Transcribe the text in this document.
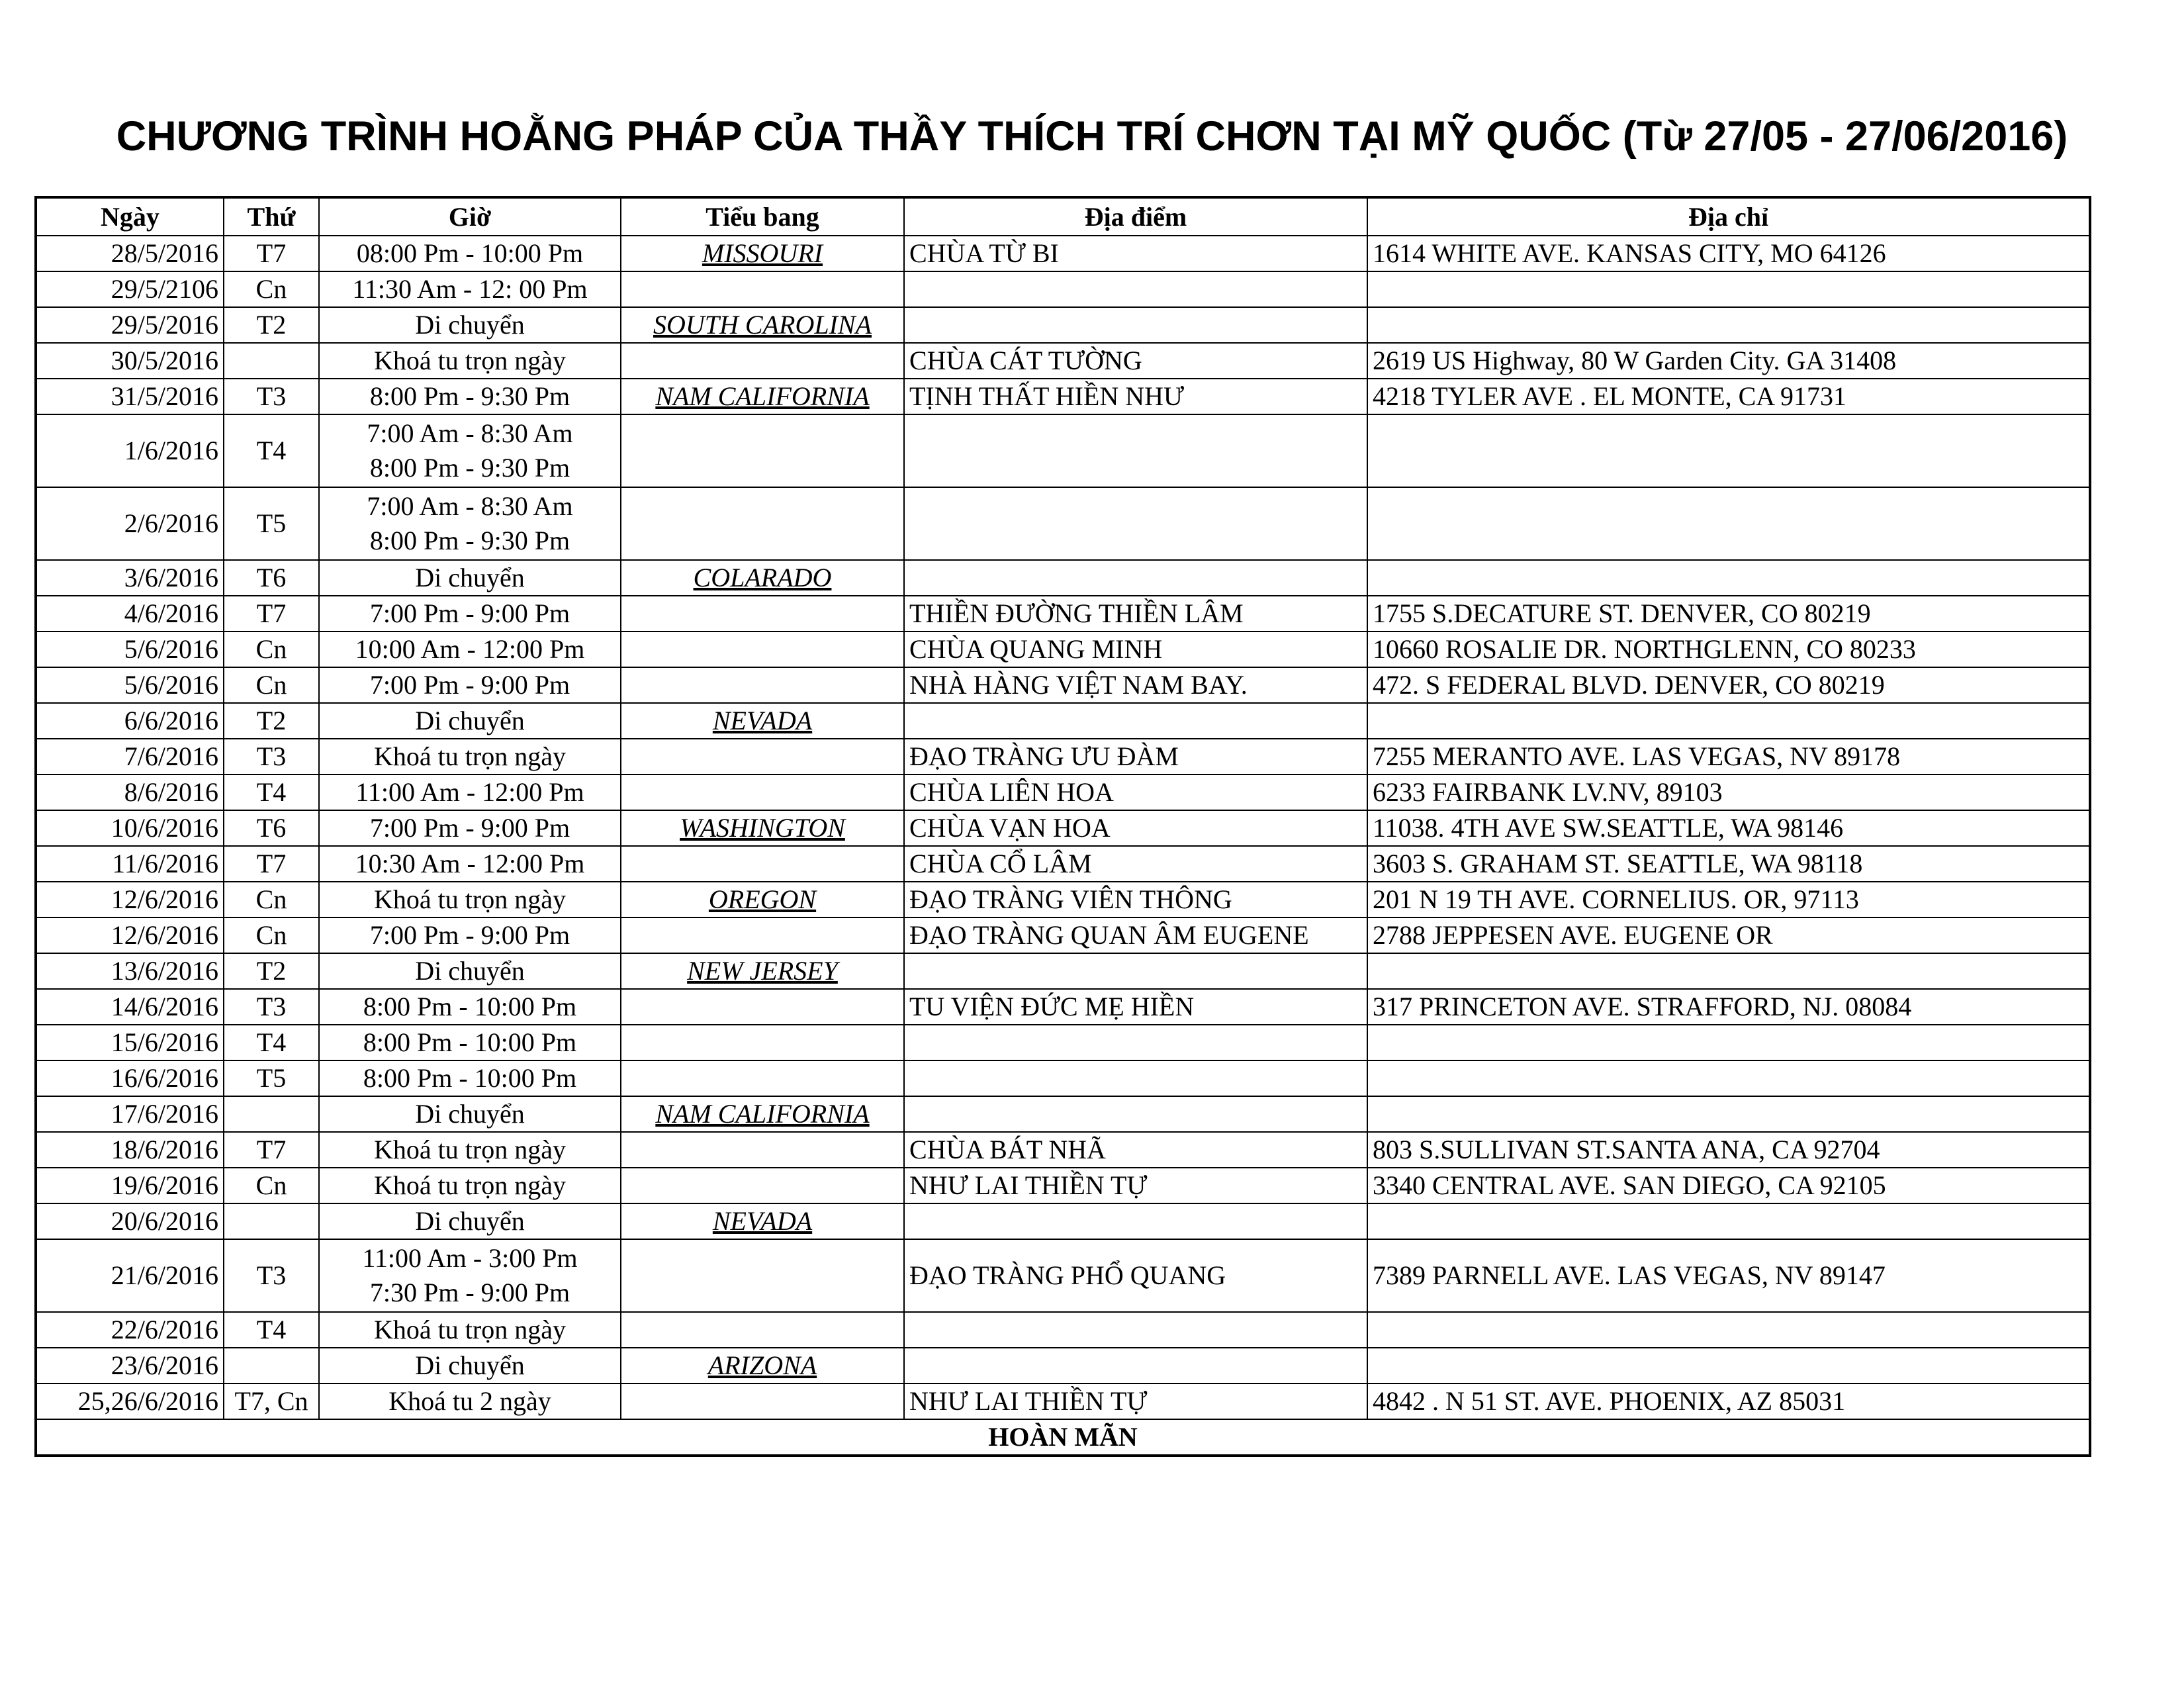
CHƯƠNG TRÌNH HOẰNG PHÁP CỦA THẦY THÍCH TRÍ CHƠN TẠI MỸ QUỐC (Từ 27/05 - 27/06/2016)
Ngày	Thứ	Giờ	Tiểu bang	Địa điểm	Địa chỉ
28/5/2016	T7	08:00 Pm - 10:00 Pm	MISSOURI	CHÙA TỪ BI	1614 WHITE AVE. KANSAS CITY, MO 64126
29/5/2106	Cn	11:30 Am - 12: 00 Pm			

29/5/2016	T2	Di chuyển	SOUTH CAROLINA		
30/5/2016		Khoá tu trọn ngày		CHÙA CÁT TƯỜNG	2619 US Highway, 80 W Garden City. GA 31408
31/5/2016	T3	8:00 Pm - 9:30 Pm	NAM CALIFORNIA	TỊNH THẤT HIỀN NHƯ	4218 TYLER AVE . EL MONTE, CA 91731
1/6/2016	T4	7:00 Am - 8:30 Am
8:00 Pm - 9:30 Pm			

2/6/2016	T5	7:00 Am - 8:30 Am
8:00 Pm - 9:30 Pm			

3/6/2016	T6	Di chuyển	COLARADO		
4/6/2016	T7	7:00 Pm - 9:00 Pm		THIỀN ĐƯỜNG THIỀN LÂM	1755 S.DECATURE ST. DENVER, CO 80219
5/6/2016	Cn	10:00 Am - 12:00 Pm		CHÙA QUANG MINH	10660 ROSALIE DR. NORTHGLENN, CO 80233
5/6/2016	Cn	7:00 Pm - 9:00 Pm		NHÀ HÀNG VIỆT NAM BAY.	472. S FEDERAL BLVD. DENVER, CO 80219
6/6/2016	T2	Di chuyển	NEVADA		
7/6/2016	T3	Khoá tu trọn ngày		ĐẠO TRÀNG ƯU ĐÀM	7255 MERANTO AVE. LAS VEGAS, NV 89178
8/6/2016	T4	11:00 Am - 12:00 Pm		CHÙA LIÊN HOA	6233 FAIRBANK LV.NV, 89103
10/6/2016	T6	7:00 Pm - 9:00 Pm	WASHINGTON	CHÙA VẠN HOA	11038. 4TH AVE SW.SEATTLE, WA 98146
11/6/2016	T7	10:30 Am - 12:00 Pm		CHÙA CỔ LÂM	3603 S. GRAHAM ST. SEATTLE, WA 98118
12/6/2016	Cn	Khoá tu trọn ngày	OREGON	ĐẠO TRÀNG VIÊN THÔNG	201 N 19 TH AVE. CORNELIUS. OR, 97113
12/6/2016	Cn	7:00 Pm - 9:00 Pm		ĐẠO TRÀNG QUAN ÂM EUGENE	2788 JEPPESEN AVE. EUGENE OR
13/6/2016	T2	Di chuyển	NEW JERSEY		
14/6/2016	T3	8:00 Pm - 10:00 Pm		TU VIỆN ĐỨC MẸ HIỀN	317 PRINCETON AVE. STRAFFORD, NJ. 08084
15/6/2016	T4	8:00 Pm - 10:00 Pm			

16/6/2016	T5	8:00 Pm - 10:00 Pm			

17/6/2016		Di chuyển	NAM CALIFORNIA		
18/6/2016	T7	Khoá tu trọn ngày		CHÙA BÁT NHÃ	803 S.SULLIVAN ST.SANTA ANA, CA 92704
19/6/2016	Cn	Khoá tu trọn ngày		NHƯ LAI THIỀN TỰ	3340 CENTRAL AVE. SAN DIEGO, CA 92105
20/6/2016		Di chuyển	NEVADA		
21/6/2016	T3	11:00 Am - 3:00 Pm
7:30 Pm - 9:00 Pm		ĐẠO TRÀNG PHỔ QUANG	7389 PARNELL AVE. LAS VEGAS, NV 89147
22/6/2016	T4	Khoá tu trọn ngày			

23/6/2016		Di chuyển	ARIZONA		
25,26/6/2016	T7, Cn	Khoá tu 2 ngày		NHƯ LAI THIỀN TỰ	4842 . N 51 ST. AVE. PHOENIX, AZ 85031
HOÀN MÃN					
